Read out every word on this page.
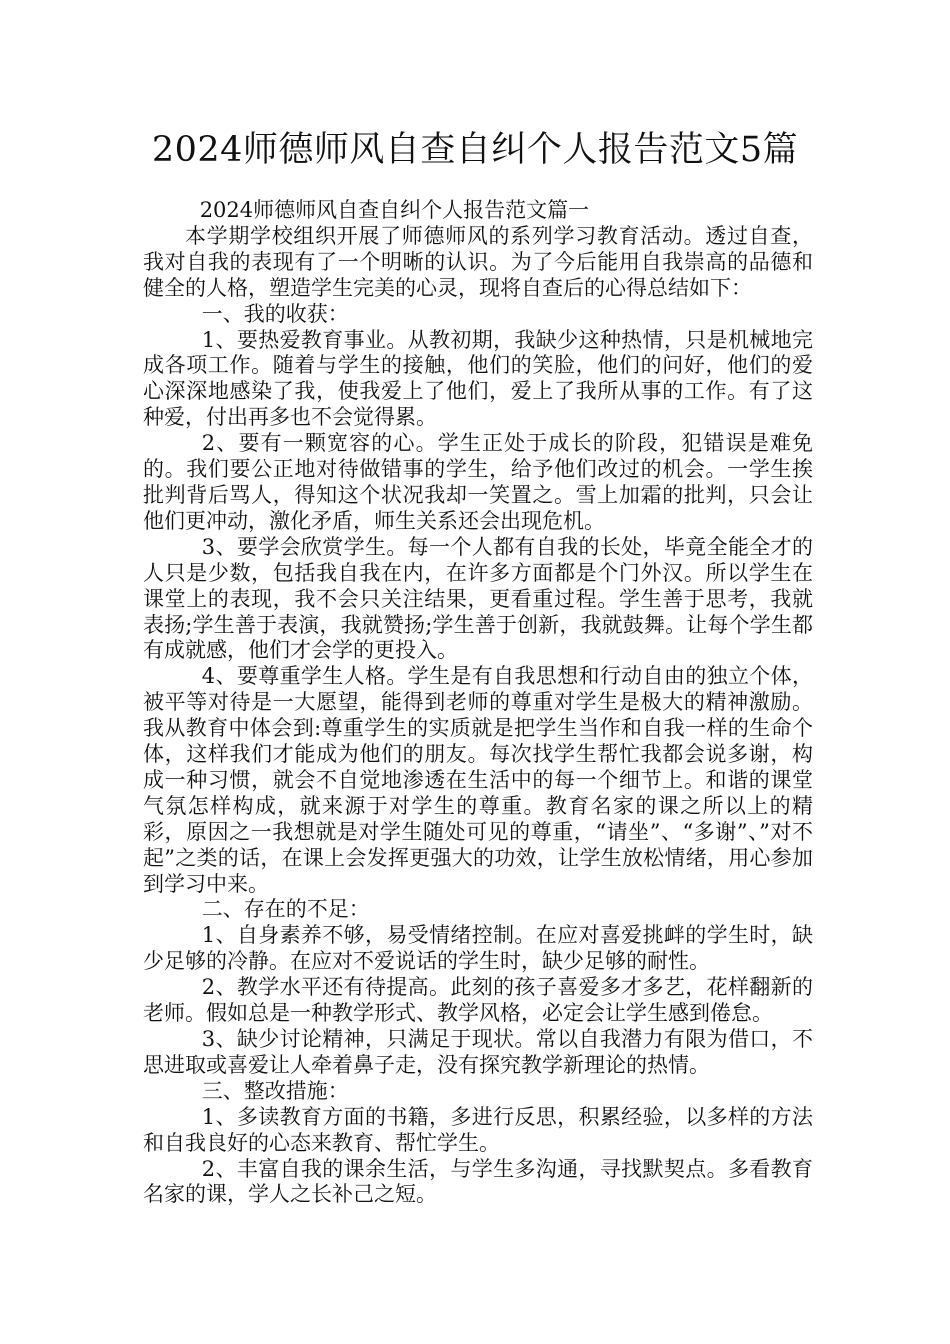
2024师德师风自查自纠个人报告范文5篇

2024师德师风自查自纠个人报告范文篇一

本学期学校组织开展了师德师风的系列学习教育活动。透过自查，我对自我的表现有了一个明晰的认识。为了今后能用自我崇高的品德和健全的人格，塑造学生完美的心灵，现将自查后的心得总结如下：

一、我的收获：

1、要热爱教育事业。从教初期，我缺少这种热情，只是机械地完成各项工作。随着与学生的接触，他们的笑脸，他们的问好，他们的爱心深深地感染了我，使我爱上了他们，爱上了我所从事的工作。有了这种爱，付出再多也不会觉得累。

2、要有一颗宽容的心。学生正处于成长的阶段，犯错误是难免的。我们要公正地对待做错事的学生，给予他们改过的机会。一学生挨批判背后骂人，得知这个状况我却一笑置之。雪上加霜的批判，只会让他们更冲动，激化矛盾，师生关系还会出现危机。

3、要学会欣赏学生。每一个人都有自我的长处，毕竟全能全才的人只是少数，包括我自我在内，在许多方面都是个门外汉。所以学生在课堂上的表现，我不会只关注结果，更看重过程。学生善于思考，我就表扬;学生善于表演，我就赞扬;学生善于创新，我就鼓舞。让每个学生都有成就感，他们才会学的更投入。

4、要尊重学生人格。学生是有自我思想和行动自由的独立个体，被平等对待是一大愿望，能得到老师的尊重对学生是极大的精神激励。我从教育中体会到:尊重学生的实质就是把学生当作和自我一样的生命个体，这样我们才能成为他们的朋友。每次找学生帮忙我都会说多谢，构成一种习惯，就会不自觉地渗透在生活中的每一个细节上。和谐的课堂气氛怎样构成，就来源于对学生的尊重。教育名家的课之所以上的精彩，原因之一我想就是对学生随处可见的尊重，“请坐”、“多谢”、”对不起”之类的话，在课上会发挥更强大的功效，让学生放松情绪，用心参加到学习中来。

二、存在的不足：

1、自身素养不够，易受情绪控制。在应对喜爱挑衅的学生时，缺少足够的冷静。在应对不爱说话的学生时，缺少足够的耐性。

2、教学水平还有待提高。此刻的孩子喜爱多才多艺，花样翻新的老师。假如总是一种教学形式、教学风格，必定会让学生感到倦怠。

3、缺少讨论精神，只满足于现状。常以自我潜力有限为借口，不思进取或喜爱让人牵着鼻子走，没有探究教学新理论的热情。

三、整改措施：

1、多读教育方面的书籍，多进行反思，积累经验，以多样的方法和自我良好的心态来教育、帮忙学生。

2、丰富自我的课余生活，与学生多沟通，寻找默契点。多看教育名家的课，学人之长补己之短。
